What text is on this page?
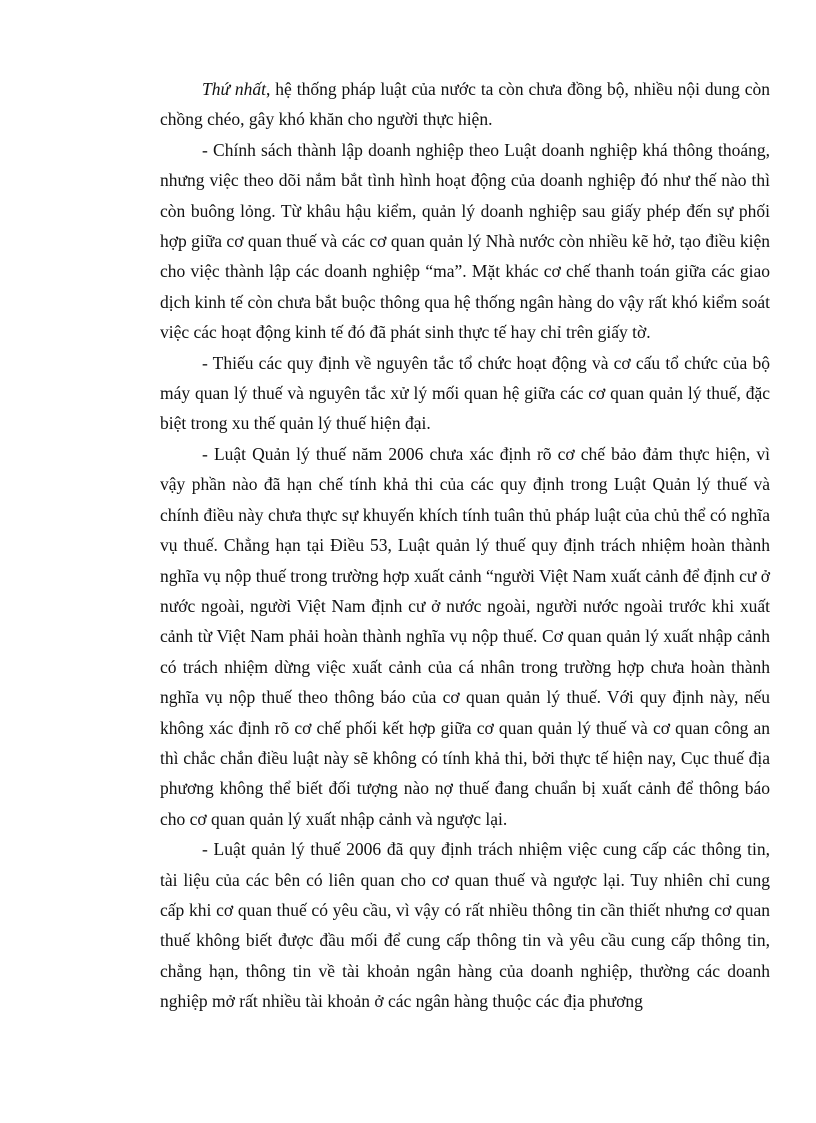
Thứ nhất, hệ thống pháp luật của nước ta còn chưa đồng bộ, nhiều nội dung còn chồng chéo, gây khó khăn cho người thực hiện.

- Chính sách thành lập doanh nghiệp theo Luật doanh nghiệp khá thông thoáng, nhưng việc theo dõi nắm bắt tình hình hoạt động của doanh nghiệp đó như thế nào thì còn buông lỏng. Từ khâu hậu kiểm, quản lý doanh nghiệp sau giấy phép đến sự phối hợp giữa cơ quan thuế và các cơ quan quản lý Nhà nước còn nhiều kẽ hở, tạo điều kiện cho việc thành lập các doanh nghiệp “ma”. Mặt khác cơ chế thanh toán giữa các giao dịch kinh tế còn chưa bắt buộc thông qua hệ thống ngân hàng do vậy rất khó kiểm soát việc các hoạt động kinh tế đó đã phát sinh thực tế hay chỉ trên giấy tờ.

- Thiếu các quy định về nguyên tắc tổ chức hoạt động và cơ cấu tổ chức của bộ máy quan lý thuế và nguyên tắc xử lý mối quan hệ giữa các cơ quan quản lý thuế, đặc biệt trong xu thế quản lý thuế hiện đại.

- Luật Quản lý thuế năm 2006 chưa xác định rõ cơ chế bảo đảm thực hiện, vì vậy phần nào đã hạn chế tính khả thi của các quy định trong Luật Quản lý thuế và chính điều này chưa thực sự khuyến khích tính tuân thủ pháp luật của chủ thể có nghĩa vụ thuế. Chẳng hạn tại Điều 53, Luật quản lý thuế quy định trách nhiệm hoàn thành nghĩa vụ nộp thuế trong trường hợp xuất cảnh “người Việt Nam xuất cảnh để định cư ở nước ngoài, người Việt Nam định cư ở nước ngoài, người nước ngoài trước khi xuất cảnh từ Việt Nam phải hoàn thành nghĩa vụ nộp thuế. Cơ quan quản lý xuất nhập cảnh có trách nhiệm dừng việc xuất cảnh của cá nhân trong trường hợp chưa hoàn thành nghĩa vụ nộp thuế theo thông báo của cơ quan quản lý thuế. Với quy định này, nếu không xác định rõ cơ chế phối kết hợp giữa cơ quan quản lý thuế và cơ quan công an thì chắc chắn điều luật này sẽ không có tính khả thi, bởi thực tế hiện nay, Cục thuế địa phương không thể biết đối tượng nào nợ thuế đang chuẩn bị xuất cảnh để thông báo cho cơ quan quản lý xuất nhập cảnh và ngược lại.

- Luật quản lý thuế 2006 đã quy định trách nhiệm việc cung cấp các thông tin, tài liệu của các bên có liên quan cho cơ quan thuế và ngược lại. Tuy nhiên chỉ cung cấp khi cơ quan thuế có yêu cầu, vì vậy có rất nhiều thông tin cần thiết nhưng cơ quan thuế không biết được đầu mối để cung cấp thông tin và yêu cầu cung cấp thông tin, chẳng hạn, thông tin về tài khoản ngân hàng của doanh nghiệp, thường các doanh nghiệp mở rất nhiều tài khoản ở các ngân hàng thuộc các địa phương
